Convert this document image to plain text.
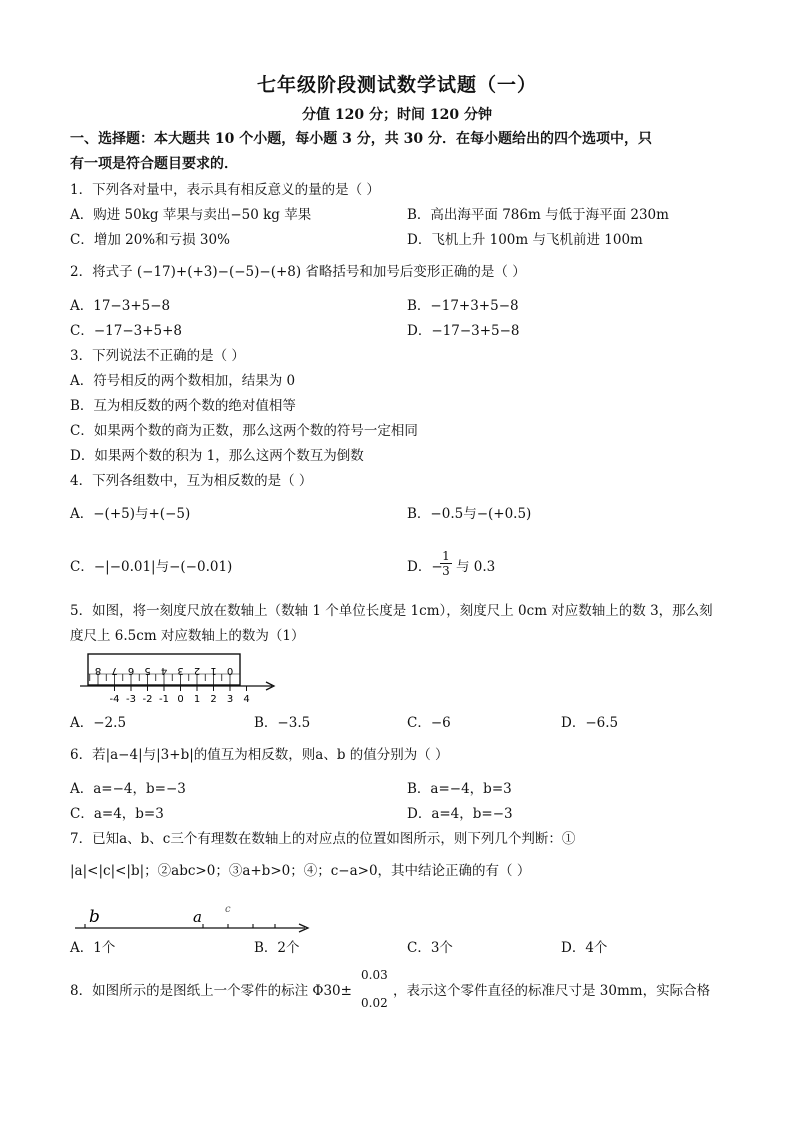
七年级阶段测试数学试题（一）
分值 120 分；时间 120 分钟
一、选择题：本大题共 10 个小题，每小题 3 分，共 30 分．在每小题给出的四个选项中，只
有一项是符合题目要求的．
1．下列各对量中，表示具有相反意义的量的是（ ）
A．购进 50kg 苹果与卖出−50 kg 苹果	B．高出海平面 786m 与低于海平面 230m
C．增加 20%和亏损 30%	D．飞机上升 100m 与飞机前进 100m
2．将式子 (−17)+(+3)−(−5)−(+8) 省略括号和加号后变形正确的是（ ）
A．17−3+5−8	B．−17+3+5−8
C．−17−3+5+8	D．−17−3+5−8
3．下列说法不正确的是（ ）
A．符号相反的两个数相加，结果为 0
B．互为相反数的两个数的绝对值相等
C．如果两个数的商为正数，那么这两个数的符号一定相同
D．如果两个数的积为 1，那么这两个数互为倒数
4．下列各组数中，互为相反数的是（ ）
A．−(+5)与+(−5)	B．−0.5与−(+0.5)
C．−|−0.01|与−(−0.01)	D．−
$\frac{1}{3}$ 与 0.3
5．如图，将一刻度尺放在数轴上（数轴 1 个单位长度是 1cm），刻度尺上 0cm 对应数轴上的数 3，那么刻
度尺上 6.5cm 对应数轴上的数为（1）
8 7 6 5 4 3 2 1 0
-4 -3 -2 -1 0 1 2 3 4
A．−2.5	B．−3.5	C．−6	D．−6.5
6．若|a−4|与|3+b|的值互为相反数，则a、b 的值分别为（ ）
A．a=−4，b=−3	B．a=−4，b=3
C．a=4，b=3	D．a=4，b=−3
7．已知a、b、c三个有理数在数轴上的对应点的位置如图所示，则下列几个判断：①
|a|<|c|<|b|；②abc>0；③a+b>0；④；c−a>0，其中结论正确的有（ ）
b	a c
A．1个	B．2个	C．3个	D．4个
8．如图所示的是图纸上一个零件的标注 Φ30±
0.03
0.02
，表示这个零件直径的标准尺寸是 30mm，实际合格
